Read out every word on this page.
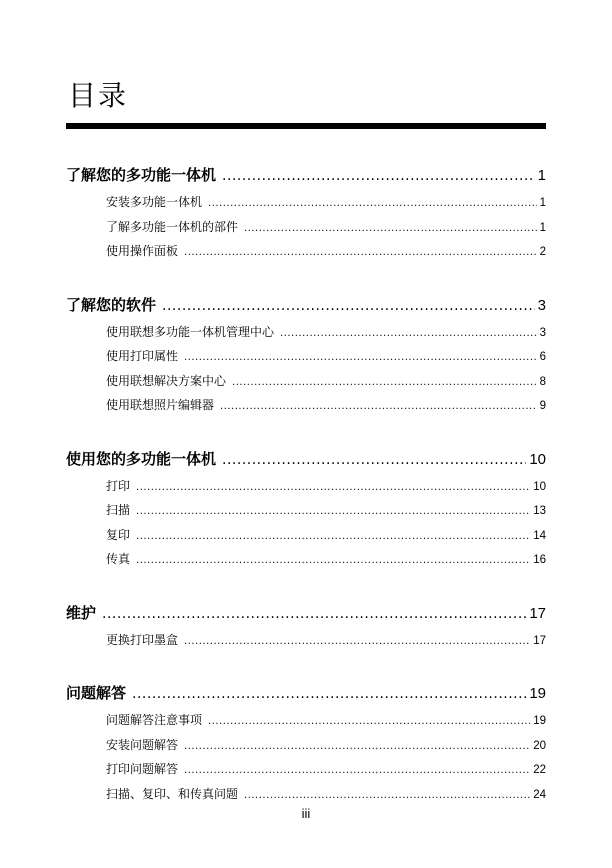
目录
了解您的多功能一体机 .....	1
安装多功能一体机 .....	1
了解多功能一体机的部件 .....	1
使用操作面板 .....	2
了解您的软件 .....	3
使用联想多功能一体机管理中心 .....	3
使用打印属性 .....	6
使用联想解决方案中心 .....	8
使用联想照片编辑器 .....	9
使用您的多功能一体机 .....	10
打印 .....	10
扫描 .....	13
复印 .....	14
传真 .....	16
维护 .....	17
更换打印墨盒 .....	17
问题解答 .....	19
问题解答注意事项 .....	19
安装问题解答 .....	20
打印问题解答 .....	22
扫描、复印、和传真问题 .....	24
iii
